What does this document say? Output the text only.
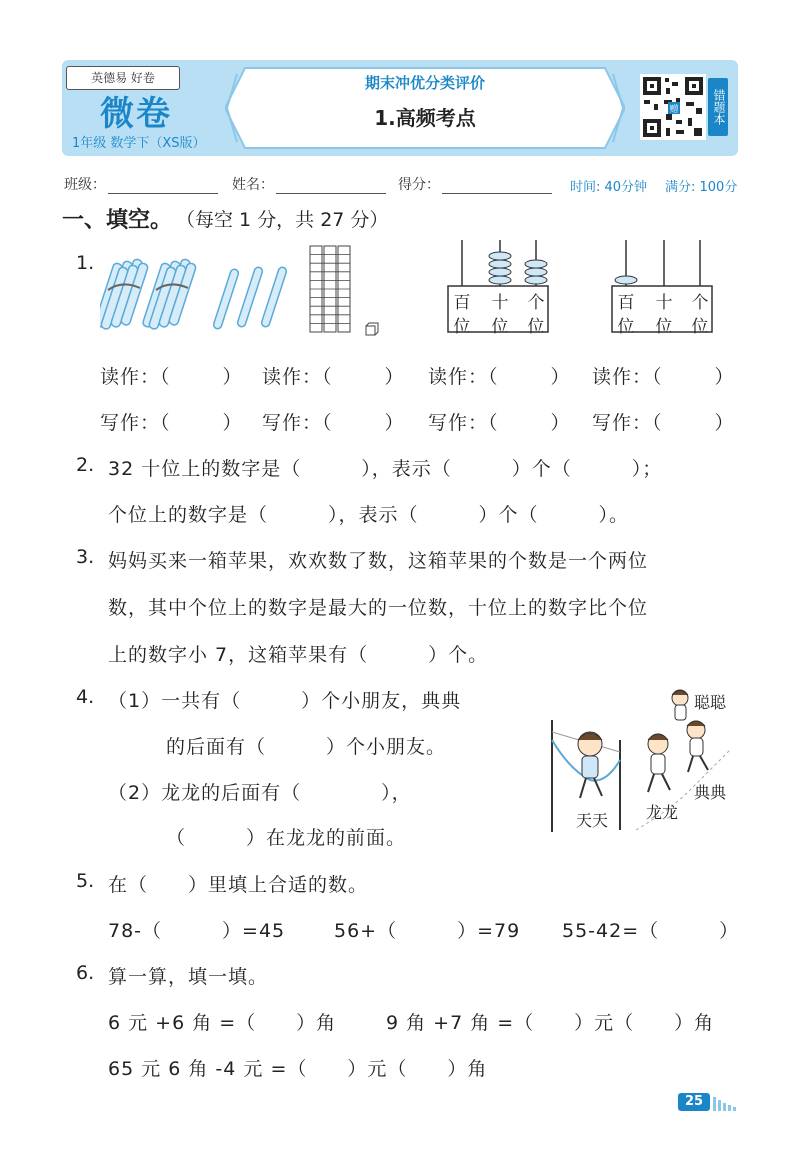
英德易 好卷
微卷
1年级 数学下（XS版）
期末冲优分类评价
1.高频考点	赠	错题本
班级：	姓名：	得分：	时间: 40分钟 满分: 100分
一、填空。 （每空 1 分，共 27 分）
1.
百	十	个
位	位	位
百	十	个
位	位	位
读作：（	） 读作：（	） 读作：（	） 读作：（	）
写作：（	） 写作：（	） 写作：（	） 写作：（	）
2. 32 十位上的数字是（　　　），表示（　　　）个（　　　）；
个位上的数字是（　　　），表示（　　　）个（　　　）。
3. 妈妈买来一箱苹果，欢欢数了数，这箱苹果的个数是一个两位
数，其中个位上的数字是最大的一位数，十位上的数字比个位
上的数字小 7，这箱苹果有（　　　）个。
4. （1）一共有（　　　）个小朋友，典典
的后面有（　　　）个小朋友。
（2）龙龙的后面有（　　　　），
（　　　）在龙龙的前面。
聪聪
典典
龙龙
天天
5. 在（　　）里填上合适的数。
78-（　　　）=45	56+（　　　）=79 55-42=（　　　）
6. 算一算，填一填。
6 元 +6 角 =（　　）角	9 角 +7 角 =（　　）元（　　）角
65 元 6 角 -4 元 =（　　）元（　　）角
25
